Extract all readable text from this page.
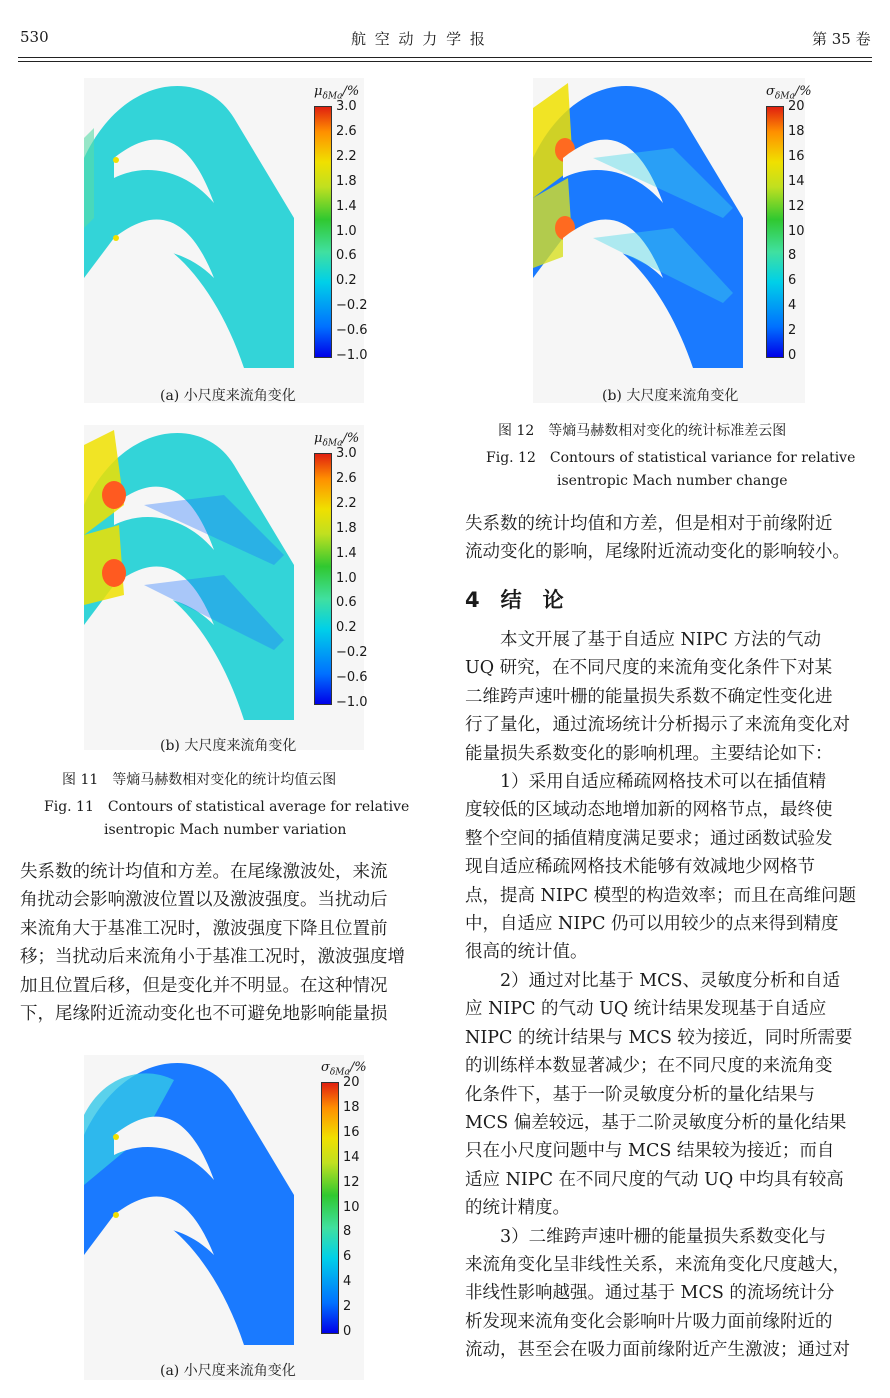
530	航 空 动 力 学 报	第 35 卷
$\mu_{\delta Ma}/\%$
3.0
2.6
2.2
1.8
1.4
1.0
0.6
0.2
−0.2
−0.6
−1.0
(a) 小尺度来流角变化
$\mu_{\delta Ma}/\%$
3.0
2.6
2.2
1.8
1.4
1.0
0.6
0.2
−0.2
−0.6
−1.0
(b) 大尺度来流角变化
图 11　等熵马赫数相对变化的统计均值云图
Fig. 11　Contours of statistical average for relative
isentropic Mach number variation

失系数的统计均值和方差。在尾缘激波处，来流

角扰动会影响激波位置以及激波强度。当扰动后

来流角大于基准工况时，激波强度下降且位置前

移；当扰动后来流角小于基准工况时，激波强度增

加且位置后移，但是变化并不明显。在这种情况

下，尾缘附近流动变化也不可避免地影响能量损

$\sigma_{\delta Ma}/\%$
20
18
16
14
12
10
8
6
4
2
0
(a) 小尺度来流角变化
$\sigma_{\delta Ma}/\%$
20
18
16
14
12
10
8
6
4
2
0
(b) 大尺度来流角变化
图 12　等熵马赫数相对变化的统计标准差云图
Fig. 12　Contours of statistical variance for relative
isentropic Mach number change

失系数的统计均值和方差，但是相对于前缘附近

流动变化的影响，尾缘附近流动变化的影响较小。

4　结　论

本文开展了基于自适应 NIPC 方法的气动

UQ 研究，在不同尺度的来流角变化条件下对某

二维跨声速叶栅的能量损失系数不确定性变化进

行了量化，通过流场统计分析揭示了来流角变化对

能量损失系数变化的影响机理。主要结论如下：

1）采用自适应稀疏网格技术可以在插值精

度较低的区域动态地增加新的网格节点，最终使

整个空间的插值精度满足要求；通过函数试验发

现自适应稀疏网格技术能够有效减地少网格节

点，提高 NIPC 模型的构造效率；而且在高维问题

中，自适应 NIPC 仍可以用较少的点来得到精度

很高的统计值。

2）通过对比基于 MCS、灵敏度分析和自适

应 NIPC 的气动 UQ 统计结果发现基于自适应

NIPC 的统计结果与 MCS 较为接近，同时所需要

的训练样本数显著减少；在不同尺度的来流角变

化条件下，基于一阶灵敏度分析的量化结果与

MCS 偏差较远，基于二阶灵敏度分析的量化结果

只在小尺度问题中与 MCS 结果较为接近；而自

适应 NIPC 在不同尺度的气动 UQ 中均具有较高

的统计精度。

3）二维跨声速叶栅的能量损失系数变化与

来流角变化呈非线性关系，来流角变化尺度越大，

非线性影响越强。通过基于 MCS 的流场统计分

析发现来流角变化会影响叶片吸力面前缘附近的

流动，甚至会在吸力面前缘附近产生激波；通过对
